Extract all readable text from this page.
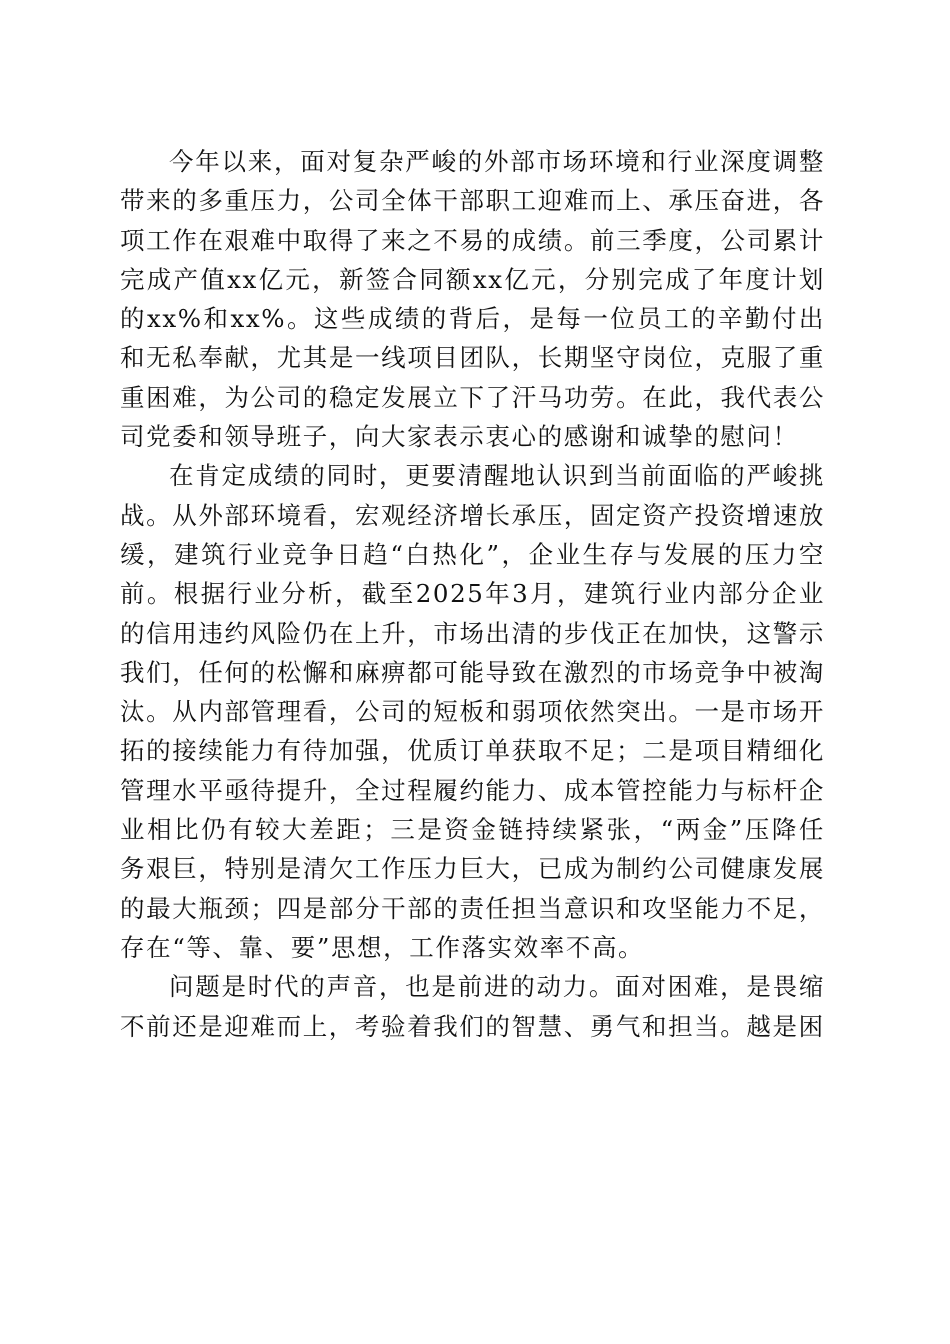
今年以来，面对复杂严峻的外部市场环境和行业深度调整带来的多重压力，公司全体干部职工迎难而上、承压奋进，各项工作在艰难中取得了来之不易的成绩。前三季度，公司累计完成产值xx亿元，新签合同额xx亿元，分别完成了年度计划的xx%和xx%。这些成绩的背后，是每一位员工的辛勤付出和无私奉献，尤其是一线项目团队，长期坚守岗位，克服了重重困难，为公司的稳定发展立下了汗马功劳。在此，我代表公司党委和领导班子，向大家表示衷心的感谢和诚挚的慰问！

在肯定成绩的同时，更要清醒地认识到当前面临的严峻挑战。从外部环境看，宏观经济增长承压，固定资产投资增速放缓，建筑行业竞争日趋“白热化”，企业生存与发展的压力空前。根据行业分析，截至2025年3月，建筑行业内部分企业的信用违约风险仍在上升，市场出清的步伐正在加快，这警示我们，任何的松懈和麻痹都可能导致在激烈的市场竞争中被淘汰。从内部管理看，公司的短板和弱项依然突出。一是市场开拓的接续能力有待加强，优质订单获取不足；二是项目精细化管理水平亟待提升，全过程履约能力、成本管控能力与标杆企业相比仍有较大差距；三是资金链持续紧张，“两金”压降任务艰巨，特别是清欠工作压力巨大，已成为制约公司健康发展的最大瓶颈；四是部分干部的责任担当意识和攻坚能力不足，存在“等、靠、要”思想，工作落实效率不高。

问题是时代的声音，也是前进的动力。面对困难，是畏缩不前还是迎难而上，考验着我们的智慧、勇气和担当。越是困
